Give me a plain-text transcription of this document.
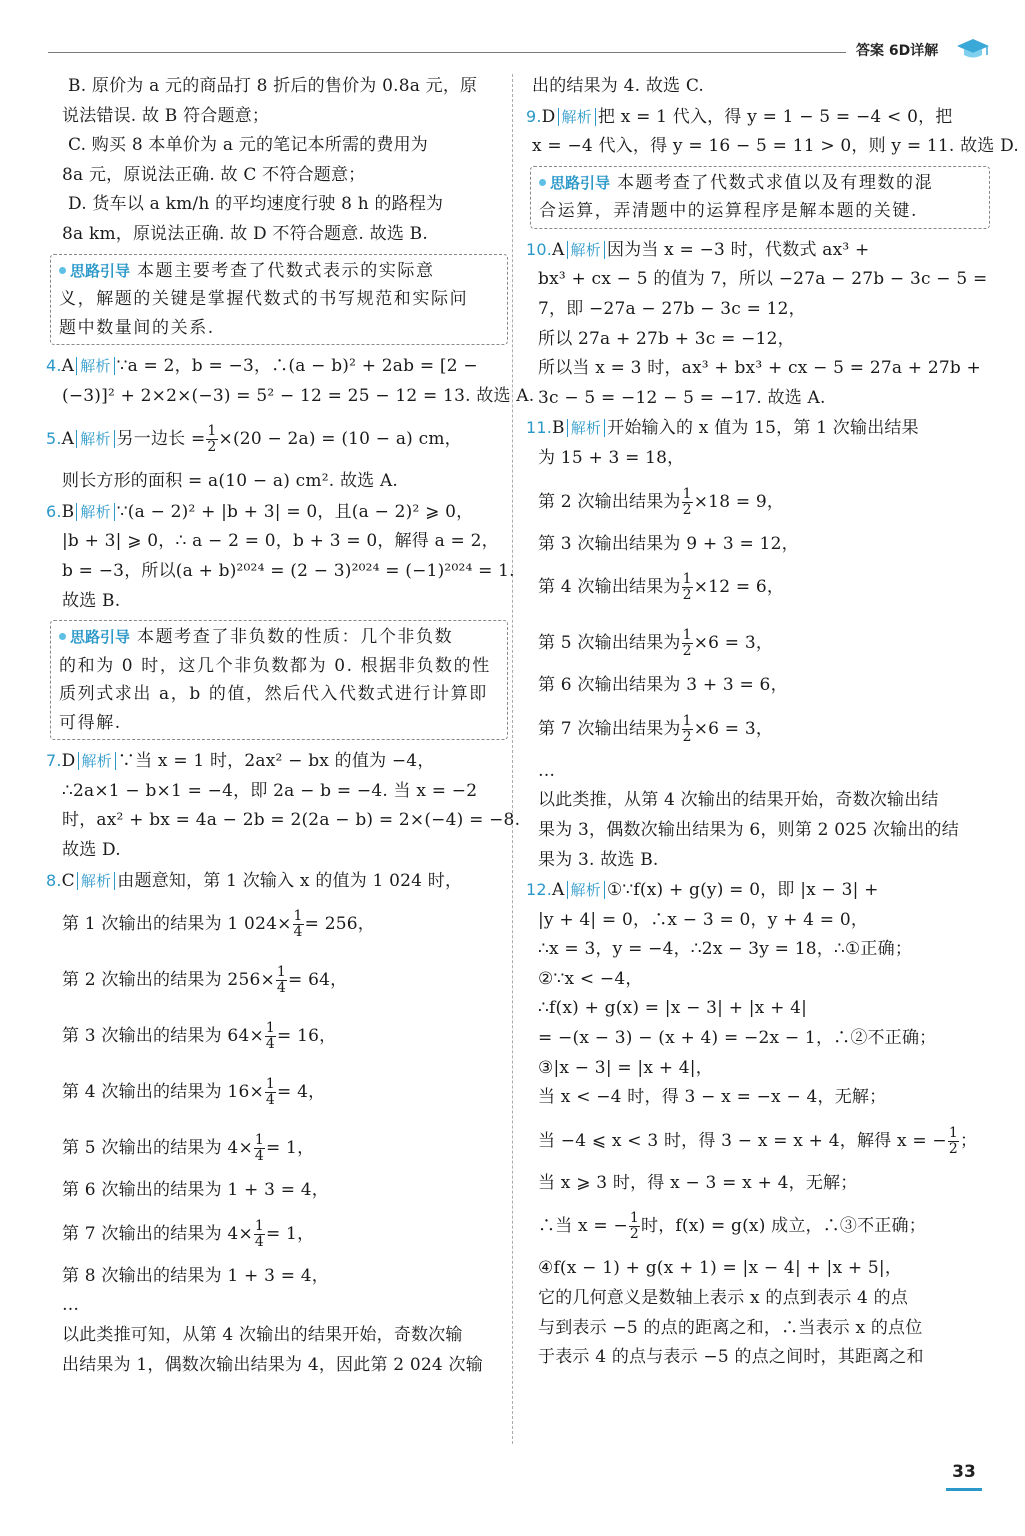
答案 6D详解
B. 原价为 a 元的商品打 8 折后的售价为 0.8a 元，原
说法错误. 故 B 符合题意；
C. 购买 8 本单价为 a 元的笔记本所需的费用为
8a 元，原说法正确. 故 C 不符合题意；
D. 货车以 a km/h 的平均速度行驶 8 h 的路程为
8a km，原说法正确. 故 D 不符合题意. 故选 B.
思路引导 本题主要考查了代数式表示的实际意
义，解题的关键是掌握代数式的书写规范和实际问
题中数量间的关系.
4.A 解析 ∵a = 2，b = −3，∴(a − b)² + 2ab = [2 −
(−3)]² + 2×2×(−3) = 5² − 12 = 25 − 12 = 13. 故选 A.
5.A 解析 另一边长 = $\frac{1}{2} \times(20 - 2a) = (10 - a)$ cm，
则长方形的面积 = a(10 − a) cm². 故选 A.
6.B 解析 ∵(a − 2)² + |b + 3| = 0，且(a − 2)² ⩾ 0，
|b + 3| ⩾ 0，∴ a − 2 = 0，b + 3 = 0，解得 a = 2，
b = −3，所以(a + b)²⁰²⁴ = (2 − 3)²⁰²⁴ = (−1)²⁰²⁴ = 1.
故选 B.
思路引导 本题考查了非负数的性质：几个非负数
的和为 0 时，这几个非负数都为 0. 根据非负数的性
质列式求出 a，b 的值，然后代入代数式进行计算即
可得解.
7.D 解析 ∵当 x = 1 时，2ax² − bx 的值为 −4，
∴2a×1 − b×1 = −4，即 2a − b = −4. 当 x = −2
时，ax² + bx = 4a − 2b = 2(2a − b) = 2×(−4) = −8.
故选 D.
8.C 解析 由题意知，第 1 次输入 x 的值为 1 024 时，
第 1 次输出的结果为 1 $024\times \frac{1}{4} = 256$，
第 2 次输出的结果为 $256\times \frac{1}{4} = 64$，
第 3 次输出的结果为 $64\times \frac{1}{4} = 16$，
第 4 次输出的结果为 $16\times \frac{1}{4} = 4$，
第 5 次输出的结果为 $4\times \frac{1}{4} = 1$，
第 6 次输出的结果为 1 + 3 = 4，
第 7 次输出的结果为 $4\times \frac{1}{4} = 1$，
第 8 次输出的结果为 1 + 3 = 4，
…
以此类推可知，从第 4 次输出的结果开始，奇数次输
出结果为 1，偶数次输出结果为 4，因此第 2 024 次输
出的结果为 4. 故选 C.
9.D 解析 把 x = 1 代入，得 y = 1 − 5 = −4 < 0，把
x = −4 代入，得 y = 16 − 5 = 11 > 0，则 y = 11. 故选 D.
思路引导 本题考查了代数式求值以及有理数的混
合运算，弄清题中的运算程序是解本题的关键.
10.A 解析 因为当 x = −3 时，代数式 ax³ +
bx³ + cx − 5 的值为 7，所以 −27a − 27b − 3c − 5 =
7，即 −27a − 27b − 3c = 12，
所以 27a + 27b + 3c = −12，
所以当 x = 3 时，ax³ + bx³ + cx − 5 = 27a + 27b +
3c − 5 = −12 − 5 = −17. 故选 A.
11.B 解析 开始输入的 x 值为 15，第 1 次输出结果
为 15 + 3 = 18，
第 2 次输出结果为 $\frac{1}{2} \times 18 = 9$，
第 3 次输出结果为 9 + 3 = 12，
第 4 次输出结果为 $\frac{1}{2} \times 12 = 6$，
第 5 次输出结果为 $\frac{1}{2} \times 6 = 3$，
第 6 次输出结果为 3 + 3 = 6，
第 7 次输出结果为 $\frac{1}{2} \times 6 = 3$，
…
以此类推，从第 4 次输出的结果开始，奇数次输出结
果为 3，偶数次输出结果为 6，则第 2 025 次输出的结
果为 3. 故选 B.
12.A 解析 ①∵f(x) + g(y) = 0，即 |x − 3| +
|y + 4| = 0，∴x − 3 = 0，y + 4 = 0，
∴x = 3，y = −4，∴2x − 3y = 18，∴①正确；
②∵x < −4，
∴f(x) + g(x) = |x − 3| + |x + 4|
= −(x − 3) − (x + 4) = −2x − 1，∴②不正确；
③|x − 3| = |x + 4|，
当 x < −4 时，得 3 − x = −x − 4，无解；
当 −4 ⩽ x < 3 时，得 3 − x = x + 4，解得 x = − $\frac{1}{2}$ ；
当 x ⩾ 3 时，得 x − 3 = x + 4，无解；
∴当 x = − $\frac{1}{2}$ 时，f(x) = g(x) 成立，∴③不正确；
④f(x − 1) + g(x + 1) = |x − 4| + |x + 5|，
它的几何意义是数轴上表示 x 的点到表示 4 的点
与到表示 −5 的点的距离之和，∴当表示 x 的点位
于表示 4 的点与表示 −5 的点之间时，其距离之和
33
